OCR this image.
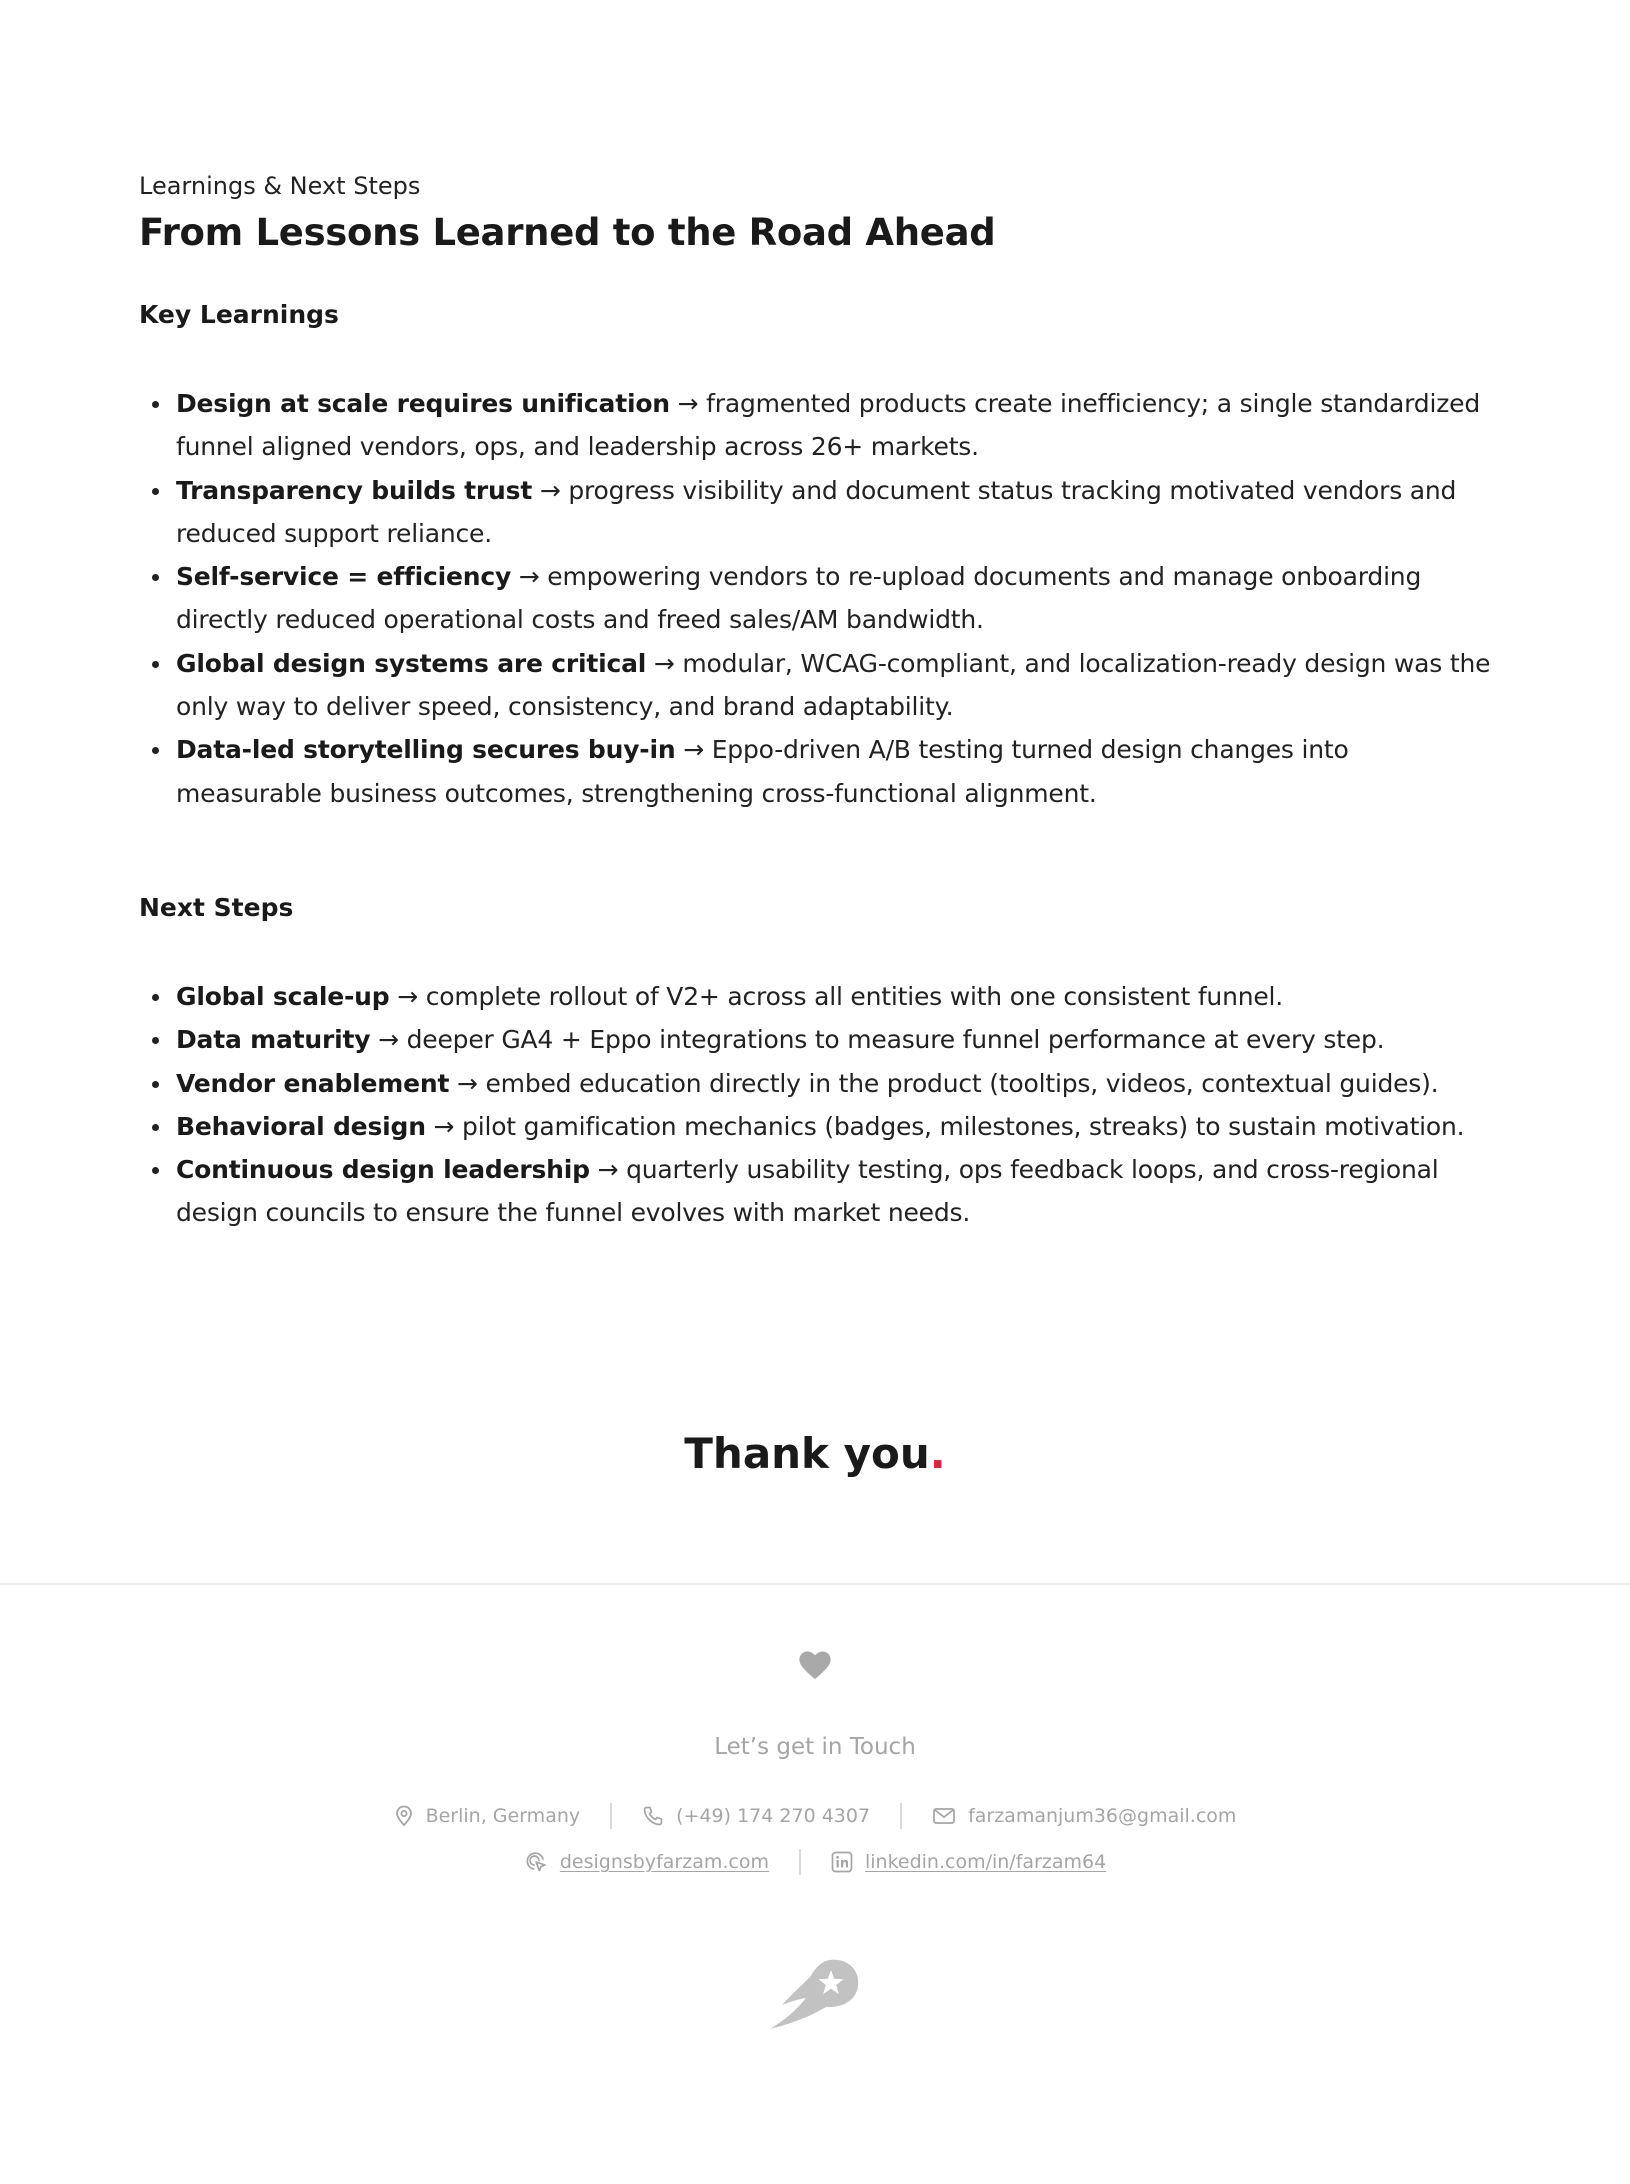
Learnings & Next Steps

From Lessons Learned to the Road Ahead
Key Learnings
Design at scale requires unification → fragmented products create inefficiency; a single standardized funnel aligned vendors, ops, and leadership across 26+ markets.
Transparency builds trust → progress visibility and document status tracking motivated vendors and reduced support reliance.
Self-service = efficiency → empowering vendors to re-upload documents and manage onboarding directly reduced operational costs and freed sales/AM bandwidth.
Global design systems are critical → modular, WCAG-compliant, and localization-ready design was the only way to deliver speed, consistency, and brand adaptability.
Data-led storytelling secures buy-in → Eppo-driven A/B testing turned design changes into measurable business outcomes, strengthening cross-functional alignment.
Next Steps
Global scale-up → complete rollout of V2+ across all entities with one consistent funnel.
Data maturity → deeper GA4 + Eppo integrations to measure funnel performance at every step.
Vendor enablement → embed education directly in the product (tooltips, videos, contextual guides).
Behavioral design → pilot gamification mechanics (badges, milestones, streaks) to sustain motivation.
Continuous design leadership → quarterly usability testing, ops feedback loops, and cross-regional design councils to ensure the funnel evolves with market needs.
Thank you.
Let’s get in Touch
Berlin, Germany	(+49) 174 270 4307	farzamanjum36@gmail.com
designsbyfarzam.com	linkedin.com/in/farzam64
